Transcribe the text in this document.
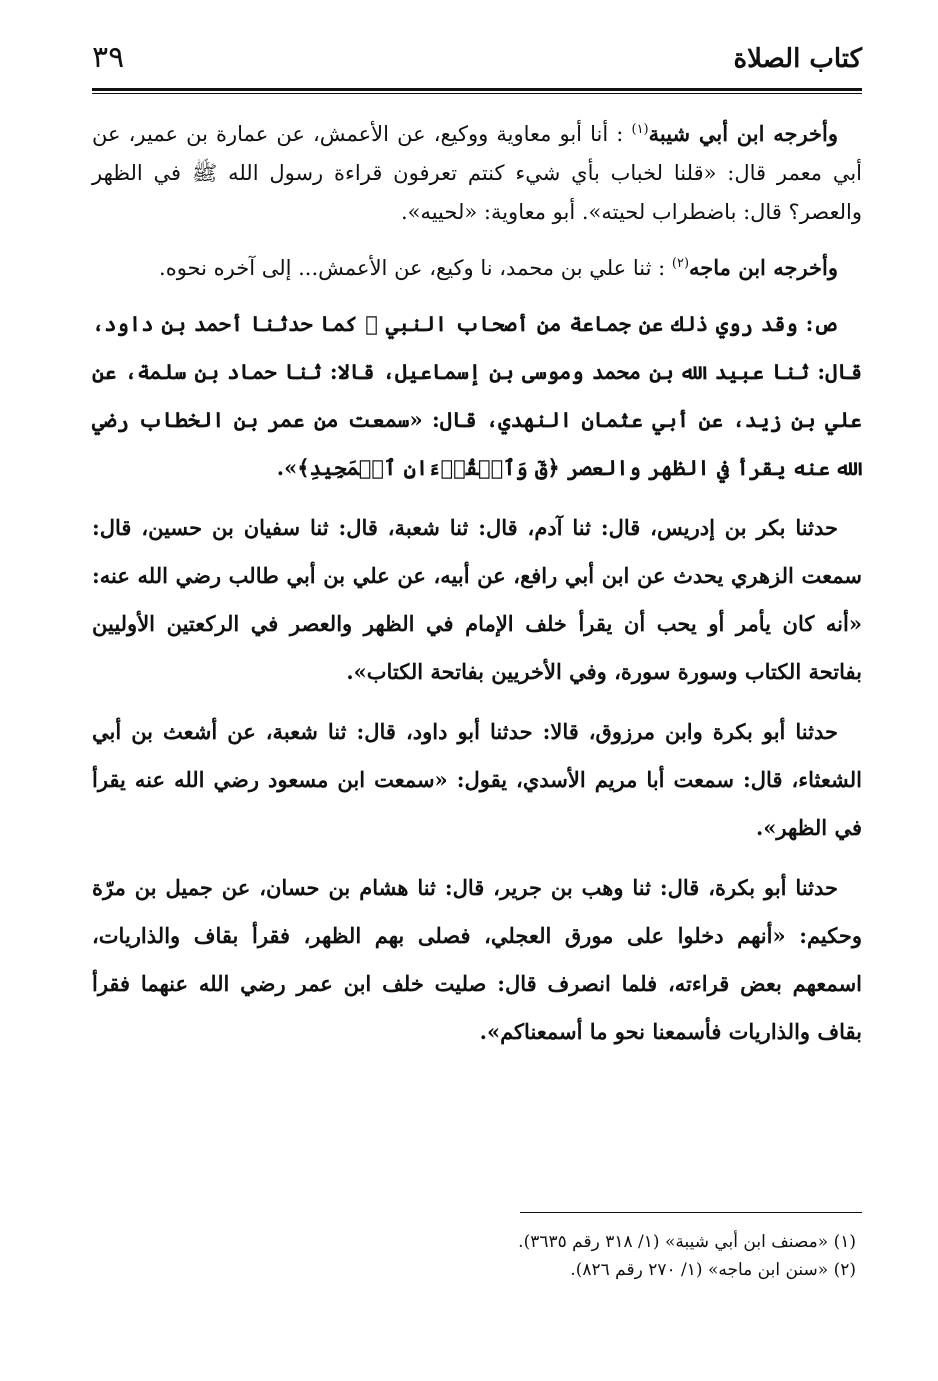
كتاب الصلاة
٣٩

وأخرجه ابن أبي شيبة$^{(١)}$ : أنا أبو معاوية ووكيع، عن الأعمش، عن عمارة بن عمير، عن أبي معمر قال: «قلنا لخباب بأي شيء كنتم تعرفون قراءة رسول الله ﷺ في الظهر والعصر؟ قال: باضطراب لحيته». أبو معاوية: «لحييه».

وأخرجه ابن ماجه$^{(٢)}$ : ثنا علي بن محمد، نا وكيع، عن الأعمش... إلى آخره نحوه.

ص: وقد روي ذلك عن جماعة من أصحاب النبي ﷺ كما حدثنا أحمد بن داود، قال: ثنا عبيد الله بن محمد وموسى بن إسماعيل، قالا: ثنا حماد بن سلمة، عن علي بن زيد، عن أبي عثمان النهدي، قال: «سمعت من عمر بن الخطاب رضي الله عنه يقرأ في الظهر والعصر ﴿قٓ وَٱلۡقُرۡءَانِ ٱلۡمَجِيدِ﴾».

حدثنا بكر بن إدريس، قال: ثنا آدم، قال: ثنا شعبة، قال: ثنا سفيان بن حسين، قال: سمعت الزهري يحدث عن ابن أبي رافع، عن أبيه، عن علي بن أبي طالب رضي الله عنه: «أنه كان يأمر أو يحب أن يقرأ خلف الإمام في الظهر والعصر في الركعتين الأوليين بفاتحة الكتاب وسورة سورة، وفي الأخريين بفاتحة الكتاب».

حدثنا أبو بكرة وابن مرزوق، قالا: حدثنا أبو داود، قال: ثنا شعبة، عن أشعث بن أبي الشعثاء، قال: سمعت أبا مريم الأسدي، يقول: «سمعت ابن مسعود رضي الله عنه يقرأ في الظهر».

حدثنا أبو بكرة، قال: ثنا وهب بن جرير، قال: ثنا هشام بن حسان، عن جميل بن مرّة وحكيم: «أنهم دخلوا على مورق العجلي، فصلى بهم الظهر، فقرأ بقاف والذاريات، اسمعهم بعض قراءته، فلما انصرف قال: صليت خلف ابن عمر رضي الله عنهما فقرأ بقاف والذاريات فأسمعنا نحو ما أسمعناكم».

(١) «مصنف ابن أبي شيبة» (١/ ٣١٨ رقم ٣٦٣٥).

(٢) «سنن ابن ماجه» (١/ ٢٧٠ رقم ٨٢٦).
